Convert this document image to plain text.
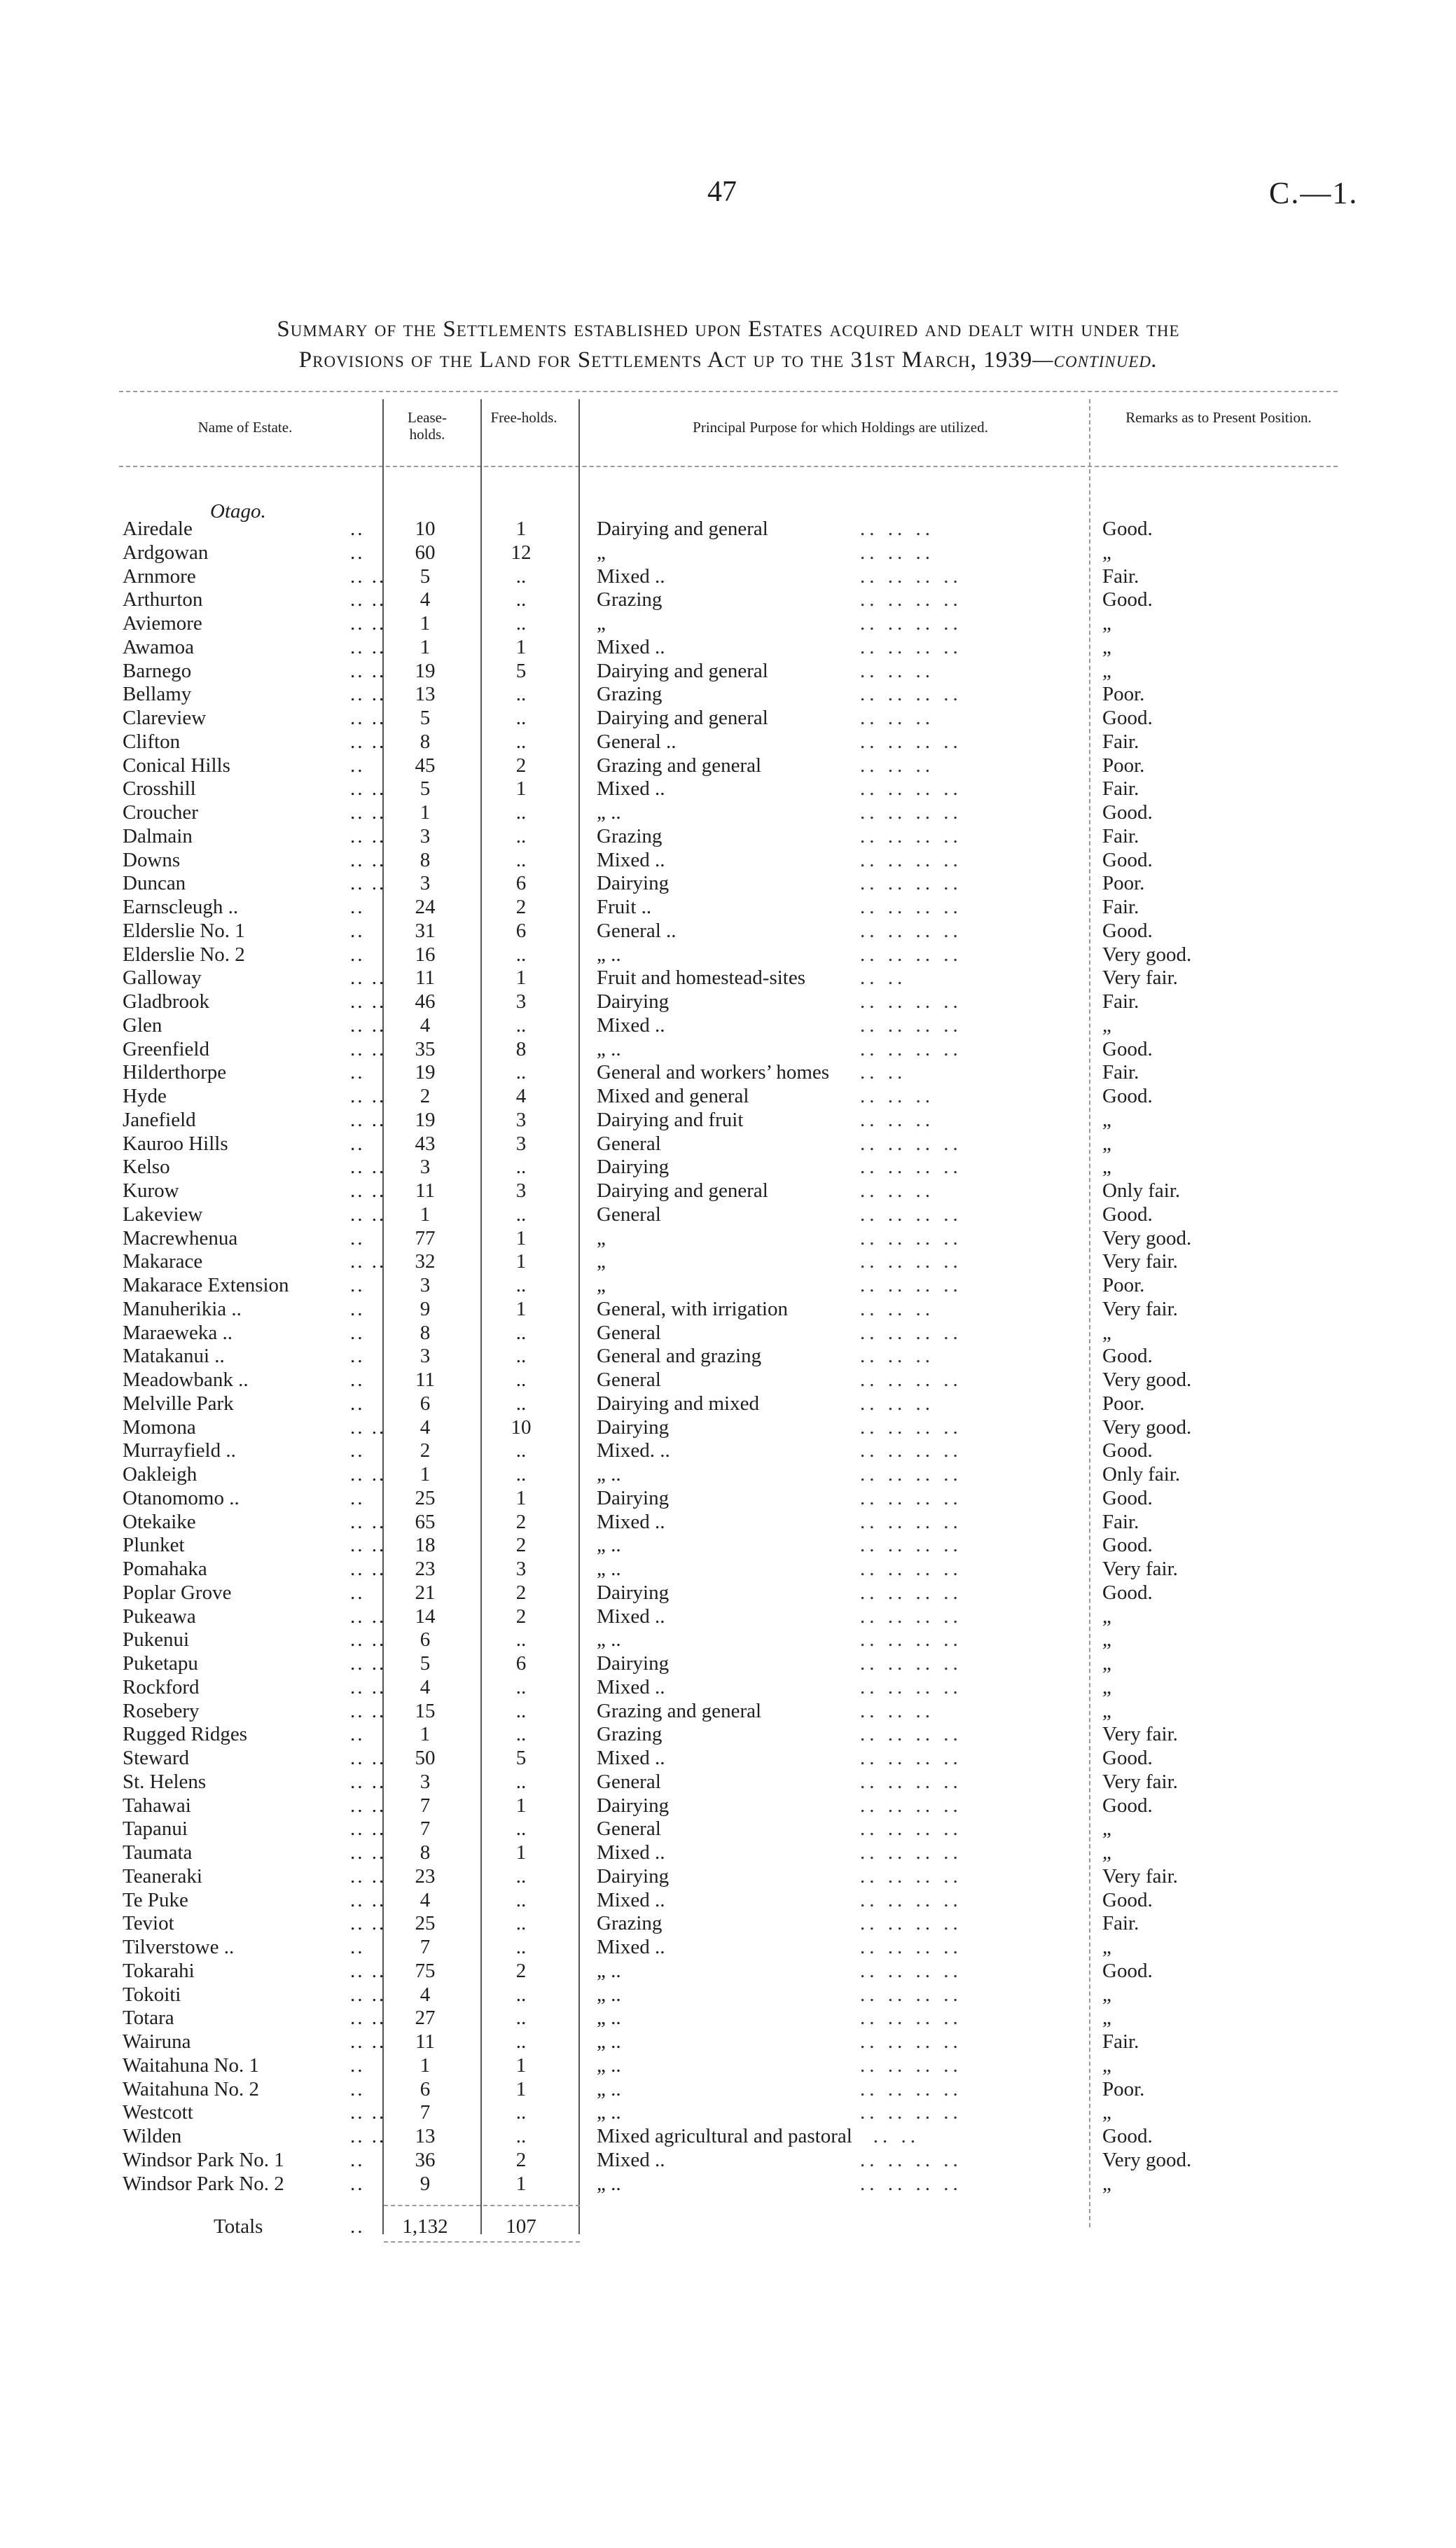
47	C.—1.
Summary of the Settlements established upon Estates acquired and dealt with under the
Provisions of the Land for Settlements Act up to the 31st March, 1939—continued.
Name of Estate.
Lease-holds.
Free-holds.
Principal Purpose for which Holdings are utilized.
Remarks as to Present Position.
Otago.
Airedale	..	10	1	Dairying and general	.. .. ..	Good.
Ardgowan	..	60	12	„	.. .. ..	„
Arnmore	.. ..	5	..	Mixed ..	.. .. .. ..	Fair.
Arthurton	.. ..	4	..	Grazing	.. .. .. ..	Good.
Aviemore	.. ..	1	..	„	.. .. .. ..	„
Awamoa	.. ..	1	1	Mixed ..	.. .. .. ..	„
Barnego	.. ..	19	5	Dairying and general	.. .. ..	„
Bellamy	.. ..	13	..	Grazing	.. .. .. ..	Poor.
Clareview	.. ..	5	..	Dairying and general	.. .. ..	Good.
Clifton	.. ..	8	..	General ..	.. .. .. ..	Fair.
Conical Hills	..	45	2	Grazing and general	.. .. ..	Poor.
Crosshill	.. ..	5	1	Mixed ..	.. .. .. ..	Fair.
Croucher	.. ..	1	..	„ ..	.. .. .. ..	Good.
Dalmain	.. ..	3	..	Grazing	.. .. .. ..	Fair.
Downs	.. ..	8	..	Mixed ..	.. .. .. ..	Good.
Duncan	.. ..	3	6	Dairying	.. .. .. ..	Poor.
Earnscleugh ..	..	24	2	Fruit ..	.. .. .. ..	Fair.
Elderslie No. 1	..	31	6	General ..	.. .. .. ..	Good.
Elderslie No. 2	..	16	..	„ ..	.. .. .. ..	Very good.
Galloway	.. ..	11	1	Fruit and homestead-sites	.. ..	Very fair.
Gladbrook	.. ..	46	3	Dairying	.. .. .. ..	Fair.
Glen	.. ..	4	..	Mixed ..	.. .. .. ..	„
Greenfield	.. ..	35	8	„ ..	.. .. .. ..	Good.
Hilderthorpe	..	19	..	General and workers’ homes	.. ..	Fair.
Hyde	.. ..	2	4	Mixed and general	.. .. ..	Good.
Janefield	.. ..	19	3	Dairying and fruit	.. .. ..	„
Kauroo Hills	..	43	3	General	.. .. .. ..	„
Kelso	.. ..	3	..	Dairying	.. .. .. ..	„
Kurow	.. ..	11	3	Dairying and general	.. .. ..	Only fair.
Lakeview	.. ..	1	..	General	.. .. .. ..	Good.
Macrewhenua	..	77	1	„	.. .. .. ..	Very good.
Makarace	.. ..	32	1	„	.. .. .. ..	Very fair.
Makarace Extension	..	3	..	„	.. .. .. ..	Poor.
Manuherikia ..	..	9	1	General, with irrigation	.. .. ..	Very fair.
Maraeweka ..	..	8	..	General	.. .. .. ..	„
Matakanui ..	..	3	..	General and grazing	.. .. ..	Good.
Meadowbank ..	..	11	..	General	.. .. .. ..	Very good.
Melville Park	..	6	..	Dairying and mixed	.. .. ..	Poor.
Momona	.. ..	4	10	Dairying	.. .. .. ..	Very good.
Murrayfield ..	..	2	..	Mixed. ..	.. .. .. ..	Good.
Oakleigh	.. ..	1	..	„ ..	.. .. .. ..	Only fair.
Otanomomo ..	..	25	1	Dairying	.. .. .. ..	Good.
Otekaike	.. ..	65	2	Mixed ..	.. .. .. ..	Fair.
Plunket	.. ..	18	2	„ ..	.. .. .. ..	Good.
Pomahaka	.. ..	23	3	„ ..	.. .. .. ..	Very fair.
Poplar Grove	..	21	2	Dairying	.. .. .. ..	Good.
Pukeawa	.. ..	14	2	Mixed ..	.. .. .. ..	„
Pukenui	.. ..	6	..	„ ..	.. .. .. ..	„
Puketapu	.. ..	5	6	Dairying	.. .. .. ..	„
Rockford	.. ..	4	..	Mixed ..	.. .. .. ..	„
Rosebery	.. ..	15	..	Grazing and general	.. .. ..	„
Rugged Ridges	..	1	..	Grazing	.. .. .. ..	Very fair.
Steward	.. ..	50	5	Mixed ..	.. .. .. ..	Good.
St. Helens	.. ..	3	..	General	.. .. .. ..	Very fair.
Tahawai	.. ..	7	1	Dairying	.. .. .. ..	Good.
Tapanui	.. ..	7	..	General	.. .. .. ..	„
Taumata	.. ..	8	1	Mixed ..	.. .. .. ..	„
Teaneraki	.. ..	23	..	Dairying	.. .. .. ..	Very fair.
Te Puke	.. ..	4	..	Mixed ..	.. .. .. ..	Good.
Teviot	.. ..	25	..	Grazing	.. .. .. ..	Fair.
Tilverstowe ..	..	7	..	Mixed ..	.. .. .. ..	„
Tokarahi	.. ..	75	2	„ ..	.. .. .. ..	Good.
Tokoiti	.. ..	4	..	„ ..	.. .. .. ..	„
Totara	.. ..	27	..	„ ..	.. .. .. ..	„
Wairuna	.. ..	11	..	„ ..	.. .. .. ..	Fair.
Waitahuna No. 1	..	1	1	„ ..	.. .. .. ..	„
Waitahuna No. 2	..	6	1	„ ..	.. .. .. ..	Poor.
Westcott	.. ..	7	..	„ ..	.. .. .. ..	„
Wilden	.. ..	13	..	Mixed agricultural and pastoral	.. ..	Good.
Windsor Park No. 1	..	36	2	Mixed ..	.. .. .. ..	Very good.
Windsor Park No. 2	..	9	1	„ ..	.. .. .. ..	„
Totals	..	1,132	107
